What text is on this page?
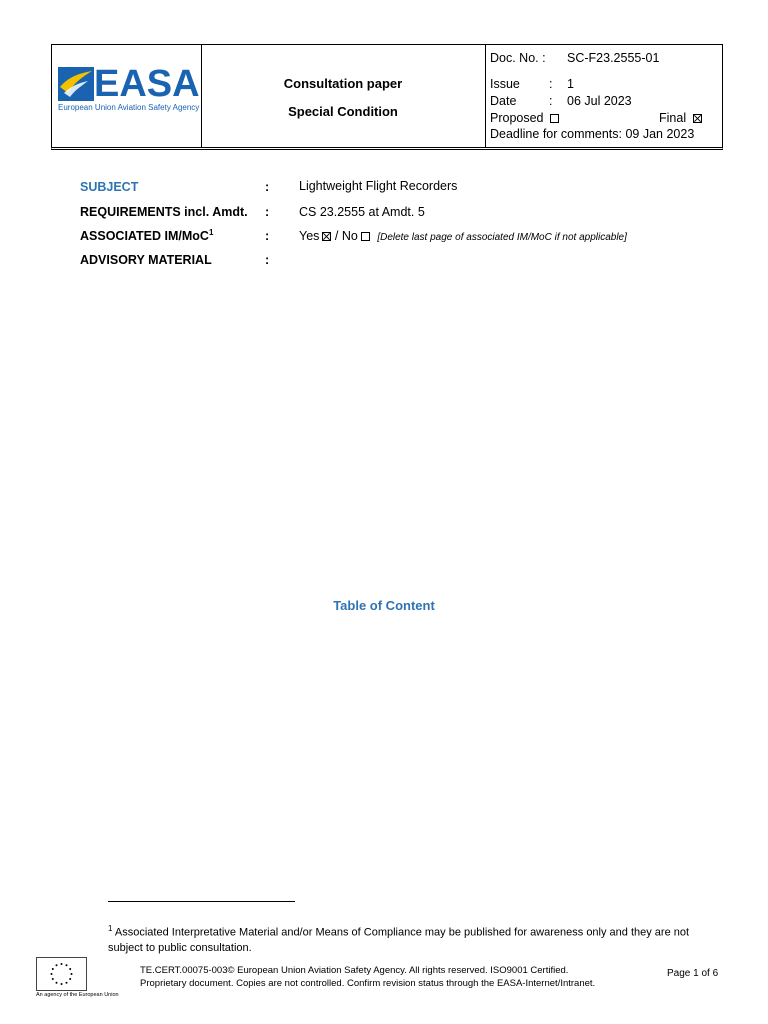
EASA
European Union Aviation Safety Agency
Consultation paper
Special Condition
Doc. No. : SC-F23.2555-01
Issue : 1
Date	: 06 Jul 2023
Proposed	Final
Deadline for comments: 09 Jan 2023
SUBJECT	: Lightweight Flight Recorders
REQUIREMENTS incl. Amdt. : CS 23.2555 at Amdt. 5
ASSOCIATED IM/MoC$^1$	: Yes / No [Delete last page of associated IM/MoC if not applicable]
ADVISORY MATERIAL	:
Table of Content
$^1$ Associated Interpretative Material and/or Means of Compliance may be published for awareness only and they are not subject to public consultation.
An agency of the European Union
TE.CERT.00075-003© European Union Aviation Safety Agency. All rights reserved. ISO9001 Certified.
Proprietary document. Copies are not controlled. Confirm revision status through the EASA-Internet/Intranet.
Page 1 of 6
